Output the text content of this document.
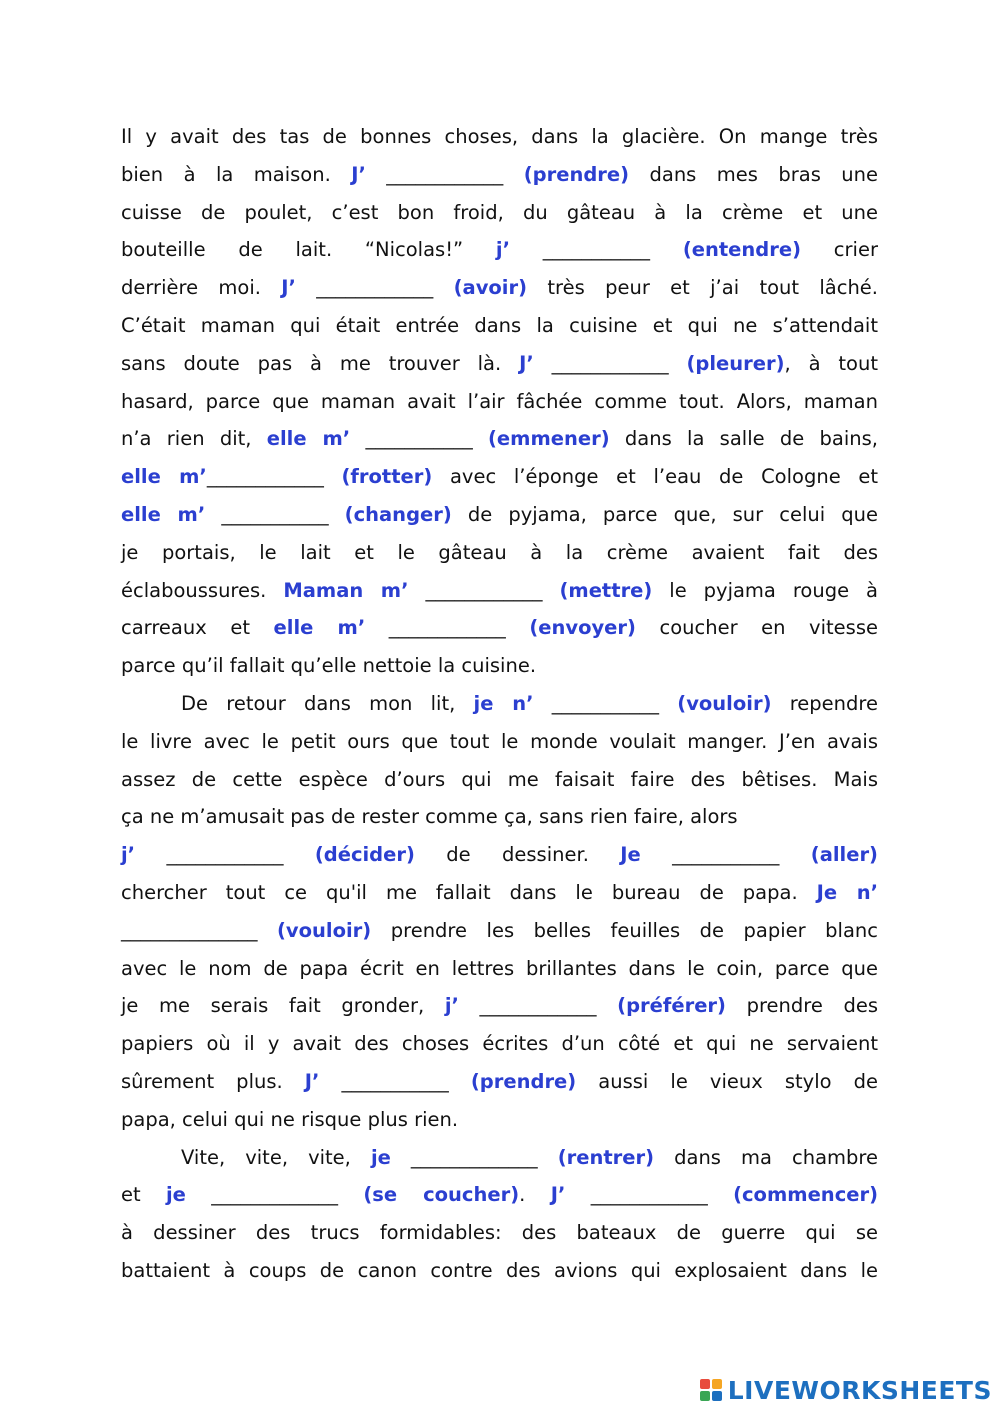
Il y avait des tas de bonnes choses, dans la glacière. On mange très
bien à la maison. J’ ____________ (prendre) dans mes bras une
cuisse de poulet, c’est bon froid, du gâteau à la crème et une
bouteille de lait. “Nicolas!” j’ ___________ (entendre) crier
derrière moi. J’ ____________ (avoir) très peur et j’ai tout lâché.
C’était maman qui était entrée dans la cuisine et qui ne s’attendait
sans doute pas à me trouver là. J’ ____________ (pleurer), à tout
hasard, parce que maman avait l’air fâchée comme tout. Alors, maman
n’a rien dit, elle m’ ___________ (emmener) dans la salle de bains,
elle m’____________ (frotter) avec l’éponge et l’eau de Cologne et
elle m’ ___________ (changer) de pyjama, parce que, sur celui que
je portais, le lait et le gâteau à la crème avaient fait des
éclaboussures. Maman m’ ____________ (mettre) le pyjama rouge à
carreaux et elle m’ ____________ (envoyer) coucher en vitesse
parce qu’il fallait qu’elle nettoie la cuisine.
De retour dans mon lit, je n’ ___________ (vouloir) rependre
le livre avec le petit ours que tout le monde voulait manger. J’en avais
assez de cette espèce d’ours qui me faisait faire des bêtises. Mais
ça ne m’amusait pas de rester comme ça, sans rien faire, alors
j’ ____________ (décider) de dessiner. Je ___________ (aller)
chercher tout ce qu'il me fallait dans le bureau de papa. Je n’
______________ (vouloir) prendre les belles feuilles de papier blanc
avec le nom de papa écrit en lettres brillantes dans le coin, parce que
je me serais fait gronder, j’ ____________ (préférer) prendre des
papiers où il y avait des choses écrites d’un côté et qui ne servaient
sûrement plus. J’ ___________ (prendre) aussi le vieux stylo de
papa, celui qui ne risque plus rien.
Vite, vite, vite, je _____________ (rentrer) dans ma chambre
et je _____________ (se coucher). J’ ____________ (commencer)
à dessiner des trucs formidables: des bateaux de guerre qui se
battaient à coups de canon contre des avions qui explosaient dans le
LIVEWORKSHEETS
